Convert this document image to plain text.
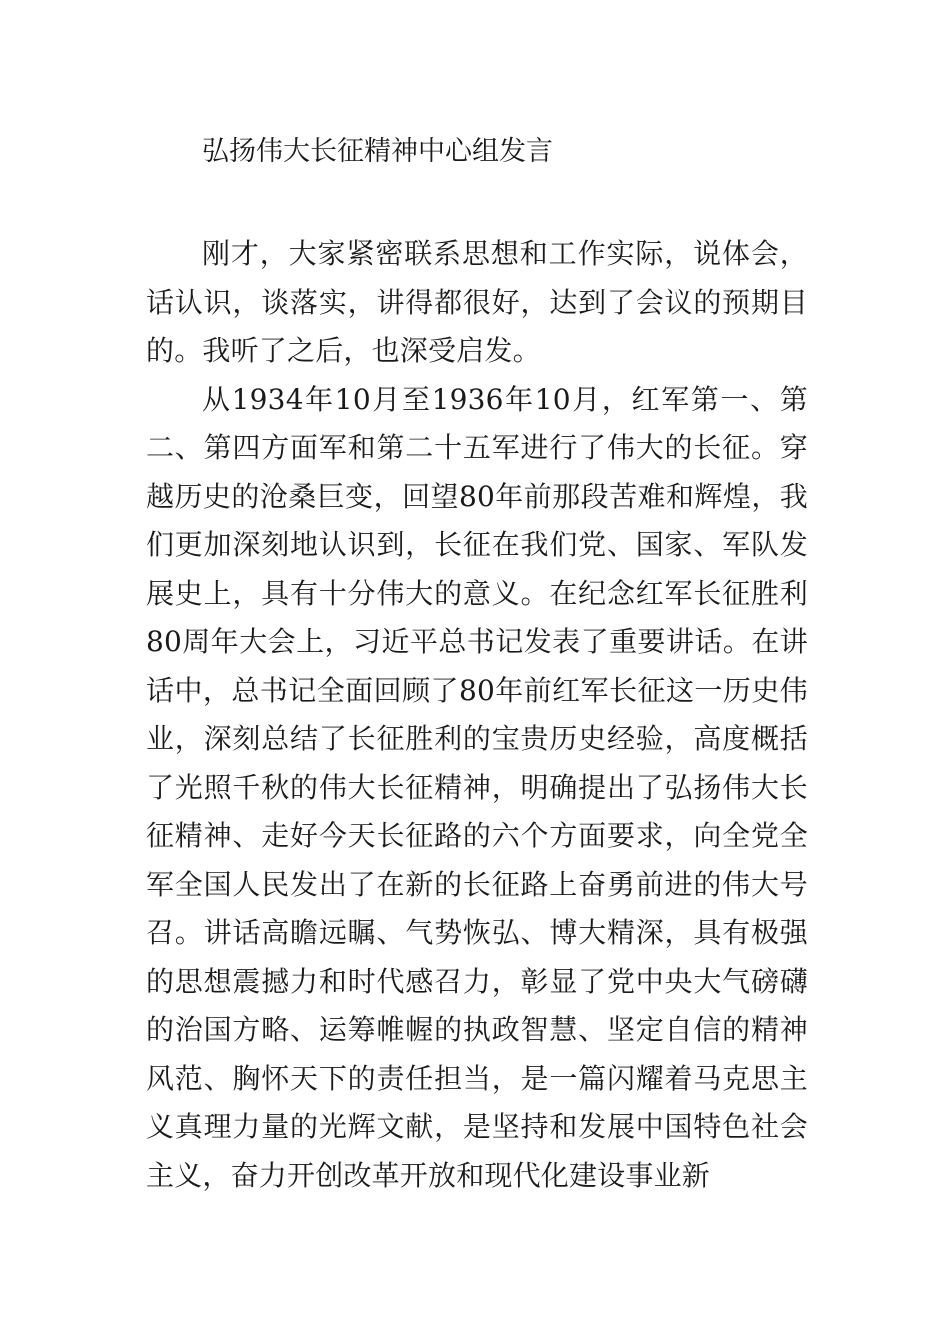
弘扬伟大长征精神中心组发言

刚才，大家紧密联系思想和工作实际，说体会，话认识，谈落实，讲得都很好，达到了会议的预期目的。我听了之后，也深受启发。

从1934年10月至1936年10月，红军第一、第二、第四方面军和第二十五军进行了伟大的长征。穿越历史的沧桑巨变，回望80年前那段苦难和辉煌，我们更加深刻地认识到，长征在我们党、国家、军队发展史上，具有十分伟大的意义。在纪念红军长征胜利80周年大会上，习近平总书记发表了重要讲话。在讲话中，总书记全面回顾了80年前红军长征这一历史伟业，深刻总结了长征胜利的宝贵历史经验，高度概括了光照千秋的伟大长征精神，明确提出了弘扬伟大长征精神、走好今天长征路的六个方面要求，向全党全军全国人民发出了在新的长征路上奋勇前进的伟大号召。讲话高瞻远瞩、气势恢弘、博大精深，具有极强的思想震撼力和时代感召力，彰显了党中央大气磅礴的治国方略、运筹帷幄的执政智慧、坚定自信的精神风范、胸怀天下的责任担当，是一篇闪耀着马克思主义真理力量的光辉文献，是坚持和发展中国特色社会主义，奋力开创改革开放和现代化建设事业新
